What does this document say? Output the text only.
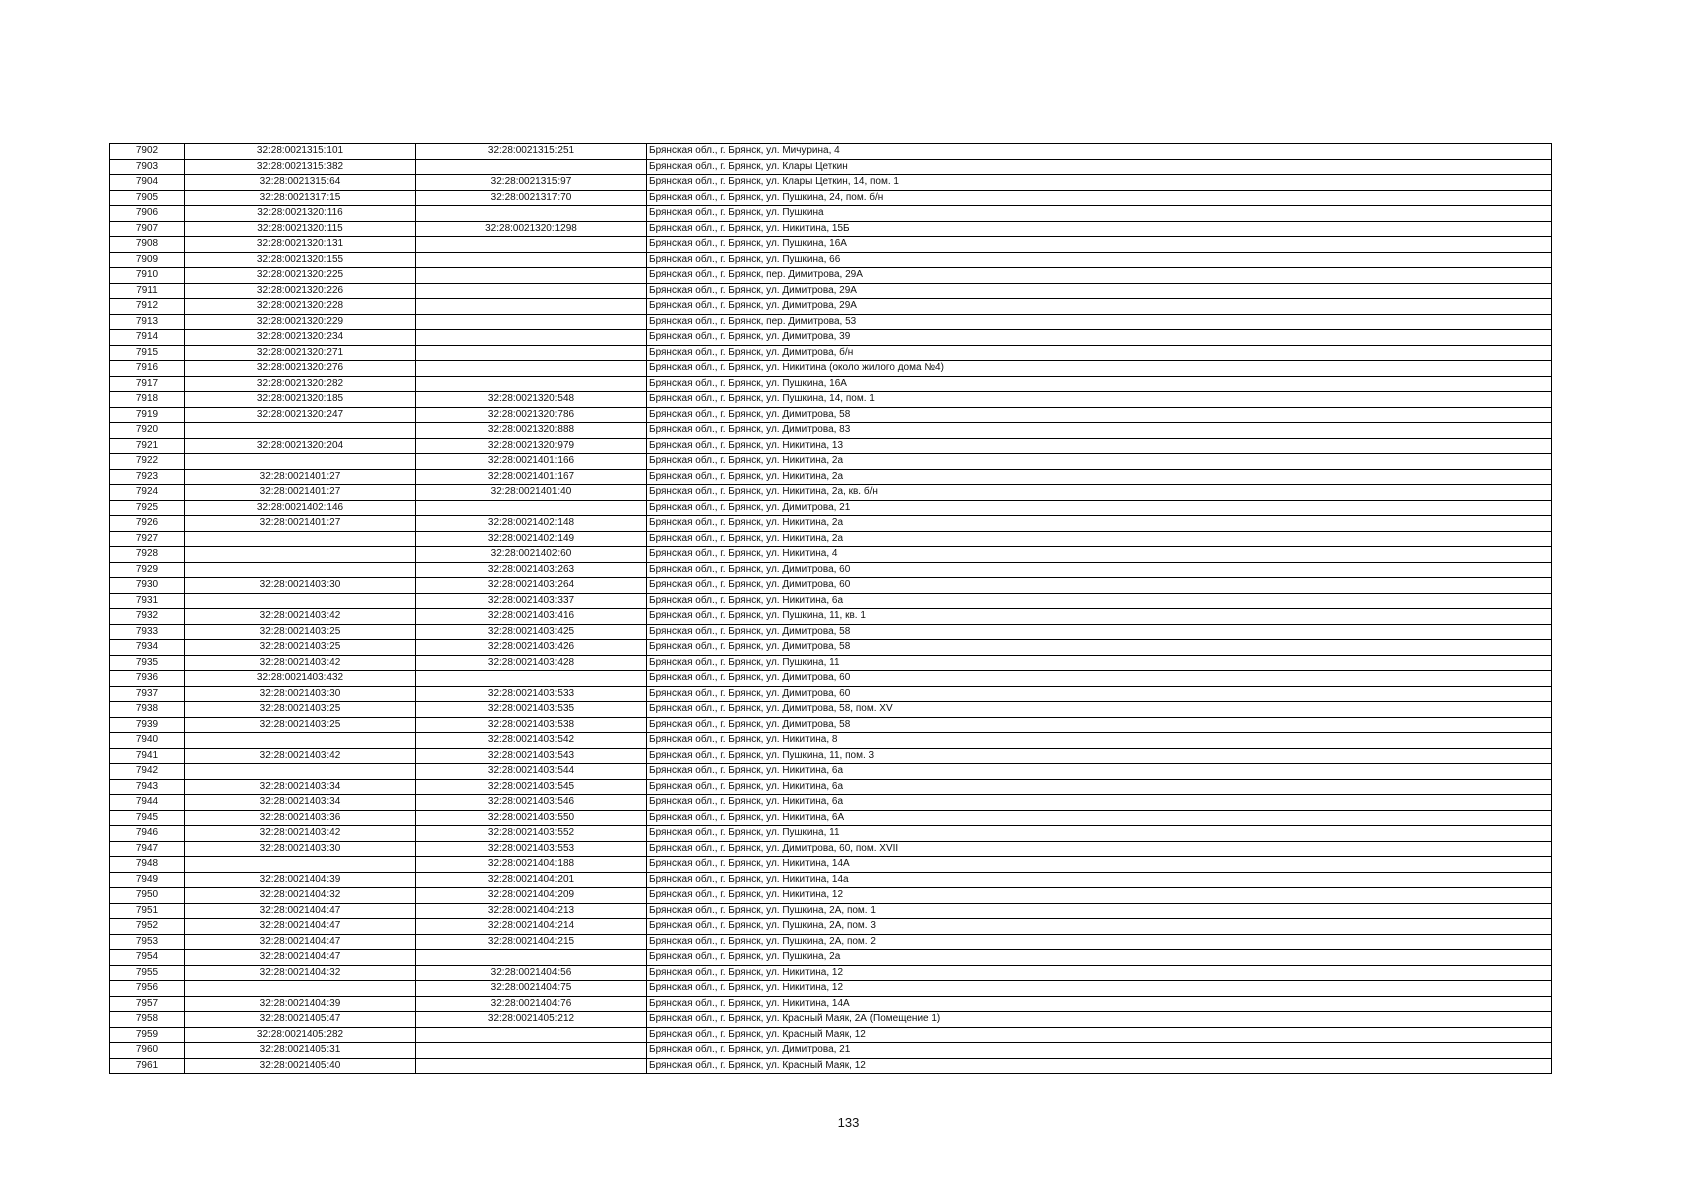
7902	32:28:0021315:101	32:28:0021315:251	Брянская обл., г. Брянск, ул. Мичурина, 4
7903	32:28:0021315:382		Брянская обл., г. Брянск, ул. Клары Цеткин
7904	32:28:0021315:64	32:28:0021315:97	Брянская обл., г. Брянск, ул. Клары Цеткин, 14, пом. 1
7905	32:28:0021317:15	32:28:0021317:70	Брянская обл., г. Брянск, ул. Пушкина, 24, пом. б/н
7906	32:28:0021320:116		Брянская обл., г. Брянск, ул. Пушкина
7907	32:28:0021320:115	32:28:0021320:1298	Брянская обл., г. Брянск, ул. Никитина, 15Б
7908	32:28:0021320:131		Брянская обл., г. Брянск, ул. Пушкина, 16А
7909	32:28:0021320:155		Брянская обл., г. Брянск, ул. Пушкина, 66
7910	32:28:0021320:225		Брянская обл., г. Брянск, пер. Димитрова, 29А
7911	32:28:0021320:226		Брянская обл., г. Брянск, ул. Димитрова, 29А
7912	32:28:0021320:228		Брянская обл., г. Брянск, ул. Димитрова, 29А
7913	32:28:0021320:229		Брянская обл., г. Брянск, пер. Димитрова, 53
7914	32:28:0021320:234		Брянская обл., г. Брянск, ул. Димитрова, 39
7915	32:28:0021320:271		Брянская обл., г. Брянск, ул. Димитрова, б/н
7916	32:28:0021320:276		Брянская обл., г. Брянск, ул. Никитина (около жилого дома №4)
7917	32:28:0021320:282		Брянская обл., г. Брянск, ул. Пушкина, 16А
7918	32:28:0021320:185	32:28:0021320:548	Брянская обл., г. Брянск, ул. Пушкина, 14, пом. 1
7919	32:28:0021320:247	32:28:0021320:786	Брянская обл., г. Брянск, ул. Димитрова, 58
7920		32:28:0021320:888	Брянская обл., г. Брянск, ул. Димитрова, 83
7921	32:28:0021320:204	32:28:0021320:979	Брянская обл., г. Брянск, ул. Никитина, 13
7922		32:28:0021401:166	Брянская обл., г. Брянск, ул. Никитина, 2а
7923	32:28:0021401:27	32:28:0021401:167	Брянская обл., г. Брянск, ул. Никитина, 2а
7924	32:28:0021401:27	32:28:0021401:40	Брянская обл., г. Брянск, ул. Никитина, 2а, кв. б/н
7925	32:28:0021402:146		Брянская обл., г. Брянск, ул. Димитрова, 21
7926	32:28:0021401:27	32:28:0021402:148	Брянская обл., г. Брянск, ул. Никитина, 2а
7927		32:28:0021402:149	Брянская обл., г. Брянск, ул. Никитина, 2а
7928		32:28:0021402:60	Брянская обл., г. Брянск, ул. Никитина, 4
7929		32:28:0021403:263	Брянская обл., г. Брянск, ул. Димитрова, 60
7930	32:28:0021403:30	32:28:0021403:264	Брянская обл., г. Брянск, ул. Димитрова, 60
7931		32:28:0021403:337	Брянская обл., г. Брянск, ул. Никитина, 6а
7932	32:28:0021403:42	32:28:0021403:416	Брянская обл., г. Брянск, ул. Пушкина, 11, кв. 1
7933	32:28:0021403:25	32:28:0021403:425	Брянская обл., г. Брянск, ул. Димитрова, 58
7934	32:28:0021403:25	32:28:0021403:426	Брянская обл., г. Брянск, ул. Димитрова, 58
7935	32:28:0021403:42	32:28:0021403:428	Брянская обл., г. Брянск, ул. Пушкина, 11
7936	32:28:0021403:432		Брянская обл., г. Брянск, ул. Димитрова, 60
7937	32:28:0021403:30	32:28:0021403:533	Брянская обл., г. Брянск, ул. Димитрова, 60
7938	32:28:0021403:25	32:28:0021403:535	Брянская обл., г. Брянск, ул. Димитрова, 58, пом. XV
7939	32:28:0021403:25	32:28:0021403:538	Брянская обл., г. Брянск, ул. Димитрова, 58
7940		32:28:0021403:542	Брянская обл., г. Брянск, ул. Никитина, 8
7941	32:28:0021403:42	32:28:0021403:543	Брянская обл., г. Брянск, ул. Пушкина, 11, пом. 3
7942		32:28:0021403:544	Брянская обл., г. Брянск, ул. Никитина, 6а
7943	32:28:0021403:34	32:28:0021403:545	Брянская обл., г. Брянск, ул. Никитина, 6а
7944	32:28:0021403:34	32:28:0021403:546	Брянская обл., г. Брянск, ул. Никитина, 6а
7945	32:28:0021403:36	32:28:0021403:550	Брянская обл., г. Брянск, ул. Никитина, 6А
7946	32:28:0021403:42	32:28:0021403:552	Брянская обл., г. Брянск, ул. Пушкина, 11
7947	32:28:0021403:30	32:28:0021403:553	Брянская обл., г. Брянск, ул. Димитрова, 60, пом. XVII
7948		32:28:0021404:188	Брянская обл., г. Брянск, ул. Никитина, 14А
7949	32:28:0021404:39	32:28:0021404:201	Брянская обл., г. Брянск, ул. Никитина, 14а
7950	32:28:0021404:32	32:28:0021404:209	Брянская обл., г. Брянск, ул. Никитина, 12
7951	32:28:0021404:47	32:28:0021404:213	Брянская обл., г. Брянск, ул. Пушкина, 2А, пом. 1
7952	32:28:0021404:47	32:28:0021404:214	Брянская обл., г. Брянск, ул. Пушкина, 2А, пом. 3
7953	32:28:0021404:47	32:28:0021404:215	Брянская обл., г. Брянск, ул. Пушкина, 2А, пом. 2
7954	32:28:0021404:47		Брянская обл., г. Брянск, ул. Пушкина, 2а
7955	32:28:0021404:32	32:28:0021404:56	Брянская обл., г. Брянск, ул. Никитина, 12
7956		32:28:0021404:75	Брянская обл., г. Брянск, ул. Никитина, 12
7957	32:28:0021404:39	32:28:0021404:76	Брянская обл., г. Брянск, ул. Никитина, 14А
7958	32:28:0021405:47	32:28:0021405:212	Брянская обл., г. Брянск, ул. Красный Маяк, 2А (Помещение 1)
7959	32:28:0021405:282		Брянская обл., г. Брянск, ул. Красный Маяк, 12
7960	32:28:0021405:31		Брянская обл., г. Брянск, ул. Димитрова, 21
7961	32:28:0021405:40		Брянская обл., г. Брянск, ул. Красный Маяк, 12
133
